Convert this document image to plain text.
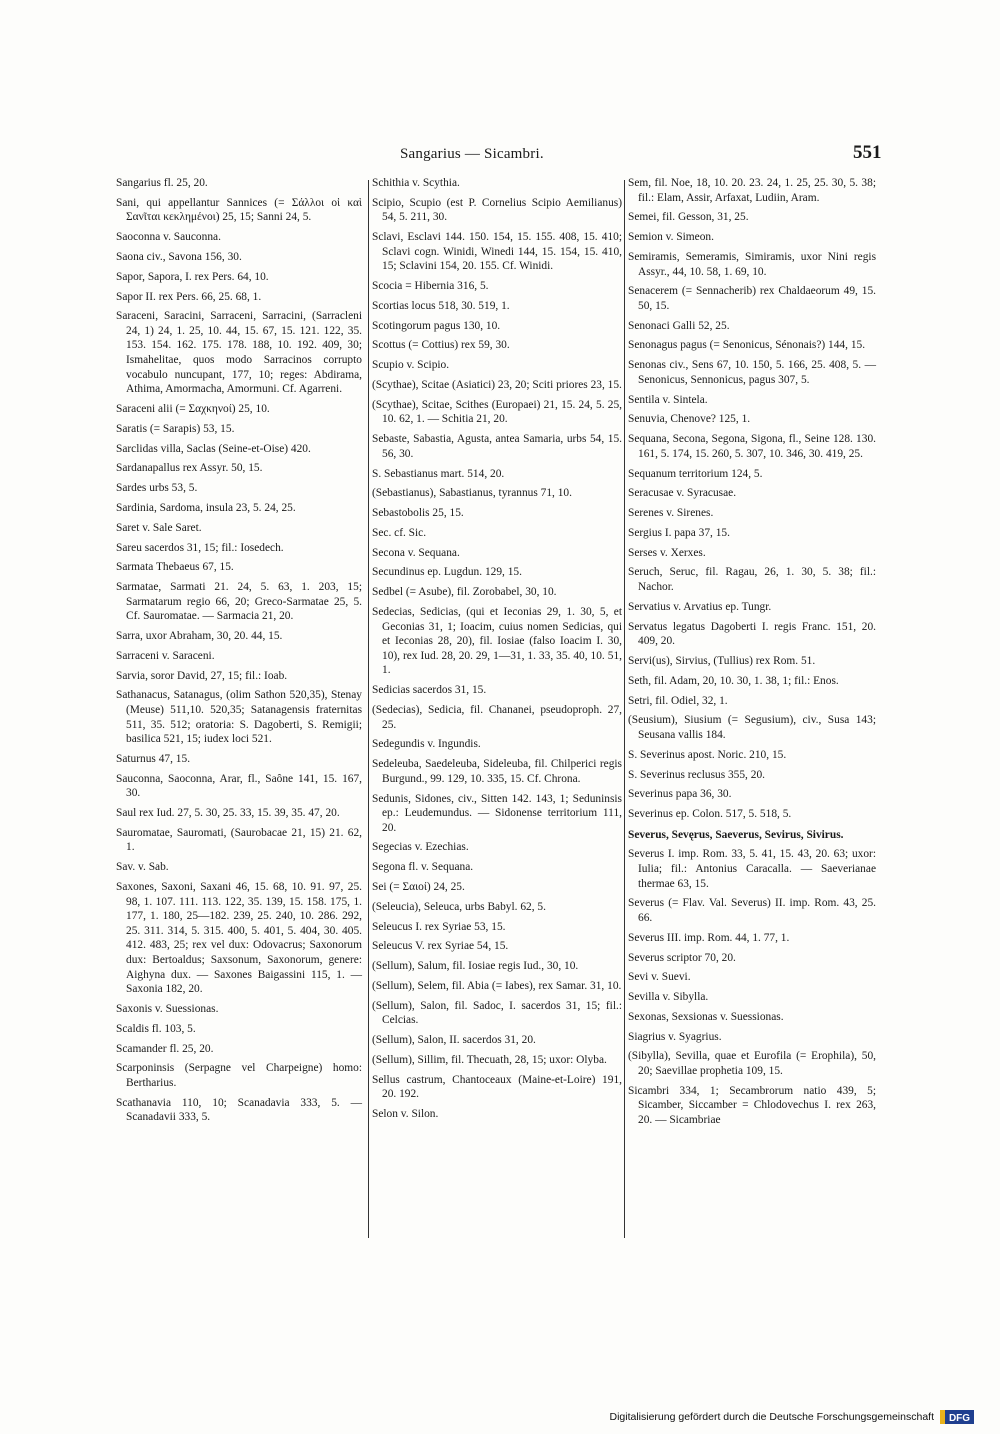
Sangarius — Sicambri.	551

Sangarius fl. 25, 20.

Sani, qui appellantur Sannices (= Σάλλοι οἱ καὶ Σανῖται κεκλημένοι) 25, 15; Sanni 24, 5.

Saoconna v. Sauconna.

Saona civ., Savona 156, 30.

Sapor, Sapora, I. rex Pers. 64, 10.

Sapor II. rex Pers. 66, 25. 68, 1.

Saraceni, Saracini, Sarraceni, Sarracini, (Sarracleni 24, 1) 24, 1. 25, 10. 44, 15. 67, 15. 121. 122, 35. 153. 154. 162. 175. 178. 188, 10. 192. 409, 30; Ismahelitae, quos modo Sarracinos corrupto vocabulo nuncupant, 177, 10; reges: Abdirama, Athima, Amormacha, Amormuni. Cf. Agarreni.

Saraceni alii (= Σαχκηνοί) 25, 10.

Saratis (= Sarapis) 53, 15.

Sarclidas villa, Saclas (Seine-et-Oise) 420.

Sardanapallus rex Assyr. 50, 15.

Sardes urbs 53, 5.

Sardinia, Sardoma, insula 23, 5. 24, 25.

Saret v. Sale Saret.

Sareu sacerdos 31, 15; fil.: Iosedech.

Sarmata Thebaeus 67, 15.

Sarmatae, Sarmati 21. 24, 5. 63, 1. 203, 15; Sarmatarum regio 66, 20; Greco-Sarmatae 25, 5. Cf. Sauromatae. — Sarmacia 21, 20.

Sarra, uxor Abraham, 30, 20. 44, 15.

Sarraceni v. Saraceni.

Sarvia, soror David, 27, 15; fil.: Ioab.

Sathanacus, Satanagus, (olim Sathon 520,35), Stenay (Meuse) 511,10. 520,35; Satanagensis fraternitas 511, 35. 512; oratoria: S. Dagoberti, S. Remigii; basilica 521, 15; iudex loci 521.

Saturnus 47, 15.

Sauconna, Saoconna, Arar, fl., Saône 141, 15. 167, 30.

Saul rex Iud. 27, 5. 30, 25. 33, 15. 39, 35. 47, 20.

Sauromatae, Sauromati, (Saurobacae 21, 15) 21. 62, 1.

Sav. v. Sab.

Saxones, Saxoni, Saxani 46, 15. 68, 10. 91. 97, 25. 98, 1. 107. 111. 113. 122, 35. 139, 15. 158. 175, 1. 177, 1. 180, 25—182. 239, 25. 240, 10. 286. 292, 25. 311. 314, 5. 315. 400, 5. 401, 5. 404, 30. 405. 412. 483, 25; rex vel dux: Odovacrus; Saxonorum dux: Bertoaldus; Saxsonum, Saxonorum, genere: Aighyna dux. — Saxones Baigassini 115, 1. — Saxonia 182, 20.

Saxonis v. Suessionas.

Scaldis fl. 103, 5.

Scamander fl. 25, 20.

Scarponinsis (Serpagne vel Charpeigne) homo: Bertharius.

Scathanavia 110, 10; Scanadavia 333, 5. — Scanadavii 333, 5.

Schithia v. Scythia.

Scipio, Scupio (est P. Cornelius Scipio Aemilianus) 54, 5. 211, 30.

Sclavi, Esclavi 144. 150. 154, 15. 155. 408, 15. 410; Sclavi cogn. Winidi, Winedi 144, 15. 154, 15. 410, 15; Sclavini 154, 20. 155. Cf. Winidi.

Scocia = Hibernia 316, 5.

Scortias locus 518, 30. 519, 1.

Scotingorum pagus 130, 10.

Scottus (= Cottius) rex 59, 30.

Scupio v. Scipio.

(Scythae), Scitae (Asiatici) 23, 20; Sciti priores 23, 15.

(Scythae), Scitae, Scithes (Europaei) 21, 15. 24, 5. 25, 10. 62, 1. — Schitia 21, 20.

Sebaste, Sabastia, Agusta, antea Samaria, urbs 54, 15. 56, 30.

S. Sebastianus mart. 514, 20.

(Sebastianus), Sabastianus, tyrannus 71, 10.

Sebastobolis 25, 15.

Sec. cf. Sic.

Secona v. Sequana.

Secundinus ep. Lugdun. 129, 15.

Sedbel (= Asube), fil. Zorobabel, 30, 10.

Sedecias, Sedicias, (qui et Ieconias 29, 1. 30, 5, et Geconias 31, 1; Ioacim, cuius nomen Sedicias, qui et Ieconias 28, 20), fil. Iosiae (falso Ioacim I. 30, 10), rex Iud. 28, 20. 29, 1—31, 1. 33, 35. 40, 10. 51, 1.

Sedicias sacerdos 31, 15.

(Sedecias), Sedicia, fil. Chananei, pseudoproph. 27, 25.

Sedegundis v. Ingundis.

Sedeleuba, Saedeleuba, Sideleuba, fil. Chilperici regis Burgund., 99. 129, 10. 335, 15. Cf. Chrona.

Sedunis, Sidones, civ., Sitten 142. 143, 1; Seduninsis ep.: Leudemundus. — Sidonense territorium 111, 20.

Segecias v. Ezechias.

Segona fl. v. Sequana.

Sei (= Σαιοί) 24, 25.

(Seleucia), Seleuca, urbs Babyl. 62, 5.

Seleucus I. rex Syriae 53, 15.

Seleucus V. rex Syriae 54, 15.

(Sellum), Salum, fil. Iosiae regis Iud., 30, 10.

(Sellum), Selem, fil. Abia (= Iabes), rex Samar. 31, 10.

(Sellum), Salon, fil. Sadoc, I. sacerdos 31, 15; fil.: Celcias.

(Sellum), Salon, II. sacerdos 31, 20.

(Sellum), Sillim, fil. Thecuath, 28, 15; uxor: Olyba.

Sellus castrum, Chantoceaux (Maine-et-Loire) 191, 20. 192.

Selon v. Silon.

Sem, fil. Noe, 18, 10. 20. 23. 24, 1. 25, 25. 30, 5. 38; fil.: Elam, Assir, Arfaxat, Ludiin, Aram.

Semei, fil. Gesson, 31, 25.

Semion v. Simeon.

Semiramis, Semeramis, Simiramis, uxor Nini regis Assyr., 44, 10. 58, 1. 69, 10.

Senacerem (= Sennacherib) rex Chaldaeorum 49, 15. 50, 15.

Senonaci Galli 52, 25.

Senonagus pagus (= Senonicus, Sénonais?) 144, 15.

Senonas civ., Sens 67, 10. 150, 5. 166, 25. 408, 5. — Senonicus, Sennonicus, pagus 307, 5.

Sentila v. Sintela.

Senuvia, Chenove? 125, 1.

Sequana, Secona, Segona, Sigona, fl., Seine 128. 130. 161, 5. 174, 15. 260, 5. 307, 10. 346, 30. 419, 25.

Sequanum territorium 124, 5.

Seracusae v. Syracusae.

Serenes v. Sirenes.

Sergius I. papa 37, 15.

Serses v. Xerxes.

Seruch, Seruc, fil. Ragau, 26, 1. 30, 5. 38; fil.: Nachor.

Servatius v. Arvatius ep. Tungr.

Servatus legatus Dagoberti I. regis Franc. 151, 20. 409, 20.

Servi(us), Sirvius, (Tullius) rex Rom. 51.

Seth, fil. Adam, 20, 10. 30, 1. 38, 1; fil.: Enos.

Setri, fil. Odiel, 32, 1.

(Seusium), Siusium (= Segusium), civ., Susa 143; Seusana vallis 184.

S. Severinus apost. Noric. 210, 15.

S. Severinus reclusus 355, 20.

Severinus papa 36, 30.

Severinus ep. Colon. 517, 5. 518, 5.

Severus, Sevęrus, Saeverus, Sevirus, Sivirus.

Severus I. imp. Rom. 33, 5. 41, 15. 43, 20. 63; uxor: Iulia; fil.: Antonius Caracalla. — Saeverianae thermae 63, 15.

Severus (= Flav. Val. Severus) II. imp. Rom. 43, 25. 66.

Severus III. imp. Rom. 44, 1. 77, 1.

Severus scriptor 70, 20.

Sevi v. Suevi.

Sevilla v. Sibylla.

Sexonas, Sexsionas v. Suessionas.

Siagrius v. Syagrius.

(Sibylla), Sevilla, quae et Eurofila (= Erophila), 50, 20; Saevillae prophetia 109, 15.

Sicambri 334, 1; Secambrorum natio 439, 5; Sicamber, Siccamber = Chlodovechus I. rex 263, 20. — Sicambriae

Digitalisierung gefördert durch die Deutsche Forschungsgemeinschaft DFG
